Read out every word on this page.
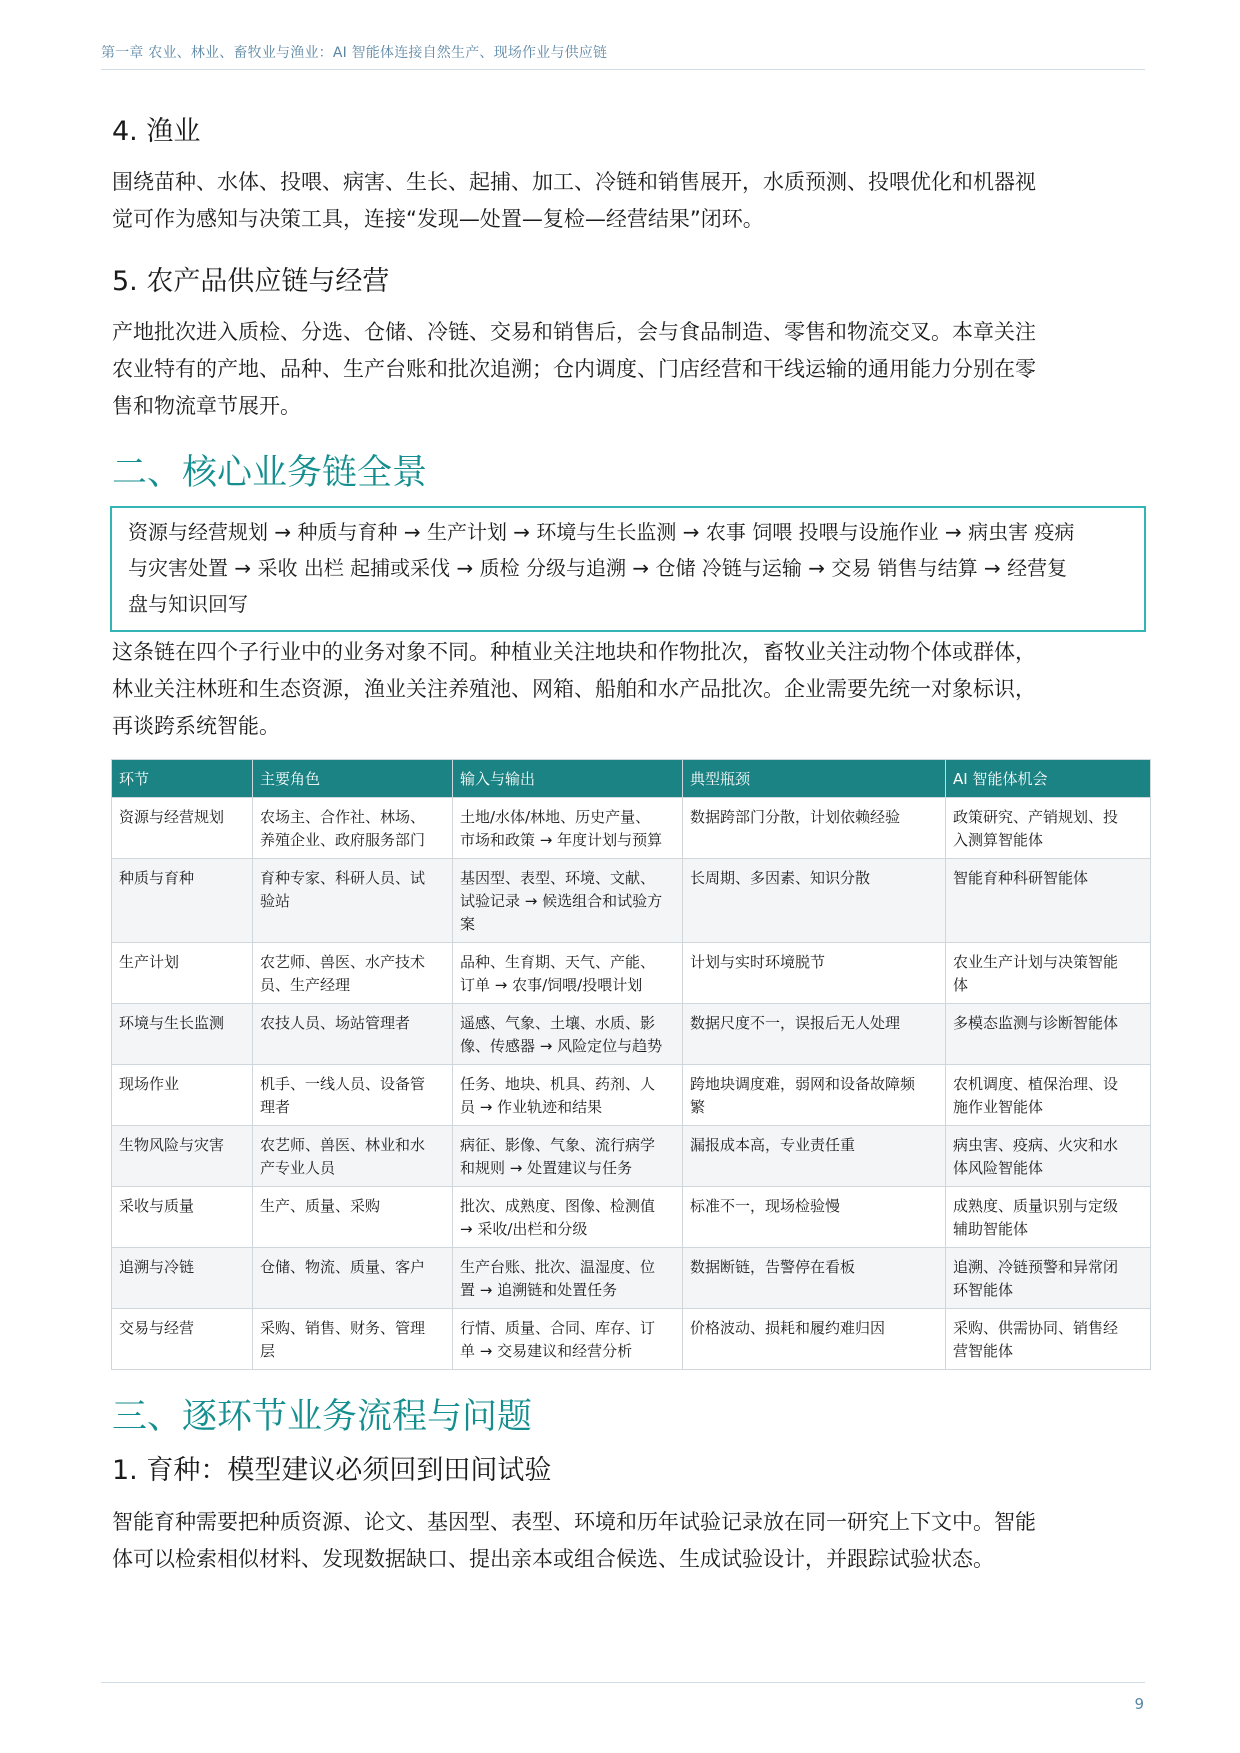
第一章 农业、林业、畜牧业与渔业：AI 智能体连接自然生产、现场作业与供应链
4. 渔业

围绕苗种、水体、投喂、病害、生长、起捕、加工、冷链和销售展开，水质预测、投喂优化和机器视
觉可作为感知与决策工具，连接“发现—处置—复检—经营结果”闭环。

5. 农产品供应链与经营

产地批次进入质检、分选、仓储、冷链、交易和销售后，会与食品制造、零售和物流交叉。本章关注
农业特有的产地、品种、生产台账和批次追溯；仓内调度、门店经营和干线运输的通用能力分别在零
售和物流章节展开。

二、核心业务链全景
资源与经营规划 → 种质与育种 → 生产计划 → 环境与生长监测 → 农事 饲喂 投喂与设施作业 → 病虫害 疫病
与灾害处置 → 采收 出栏 起捕或采伐 → 质检 分级与追溯 → 仓储 冷链与运输 → 交易 销售与结算 → 经营复
盘与知识回写

这条链在四个子行业中的业务对象不同。种植业关注地块和作物批次，畜牧业关注动物个体或群体，
林业关注林班和生态资源，渔业关注养殖池、网箱、船舶和水产品批次。企业需要先统一对象标识，
再谈跨系统智能。

环节	主要角色	输入与输出	典型瓶颈	AI 智能体机会
资源与经营规划	农场主、合作社、林场、
养殖企业、政府服务部门	土地/水体/林地、历史产量、
市场和政策 → 年度计划与预算	数据跨部门分散，计划依赖经验	政策研究、产销规划、投
入测算智能体
种质与育种	育种专家、科研人员、试
验站	基因型、表型、环境、文献、
试验记录 → 候选组合和试验方
案	长周期、多因素、知识分散	智能育种科研智能体
生产计划	农艺师、兽医、水产技术
员、生产经理	品种、生育期、天气、产能、
订单 → 农事/饲喂/投喂计划	计划与实时环境脱节	农业生产计划与决策智能
体
环境与生长监测	农技人员、场站管理者	遥感、气象、土壤、水质、影
像、传感器 → 风险定位与趋势	数据尺度不一，误报后无人处理	多模态监测与诊断智能体
现场作业	机手、一线人员、设备管
理者	任务、地块、机具、药剂、人
员 → 作业轨迹和结果	跨地块调度难，弱网和设备故障频
繁	农机调度、植保治理、设
施作业智能体
生物风险与灾害	农艺师、兽医、林业和水
产专业人员	病征、影像、气象、流行病学
和规则 → 处置建议与任务	漏报成本高，专业责任重	病虫害、疫病、火灾和水
体风险智能体
采收与质量	生产、质量、采购	批次、成熟度、图像、检测值
→ 采收/出栏和分级	标准不一，现场检验慢	成熟度、质量识别与定级
辅助智能体
追溯与冷链	仓储、物流、质量、客户	生产台账、批次、温湿度、位
置 → 追溯链和处置任务	数据断链，告警停在看板	追溯、冷链预警和异常闭
环智能体
交易与经营	采购、销售、财务、管理
层	行情、质量、合同、库存、订
单 → 交易建议和经营分析	价格波动、损耗和履约难归因	采购、供需协同、销售经
营智能体
三、逐环节业务流程与问题
1. 育种：模型建议必须回到田间试验

智能育种需要把种质资源、论文、基因型、表型、环境和历年试验记录放在同一研究上下文中。智能
体可以检索相似材料、发现数据缺口、提出亲本或组合候选、生成试验设计，并跟踪试验状态。

9
